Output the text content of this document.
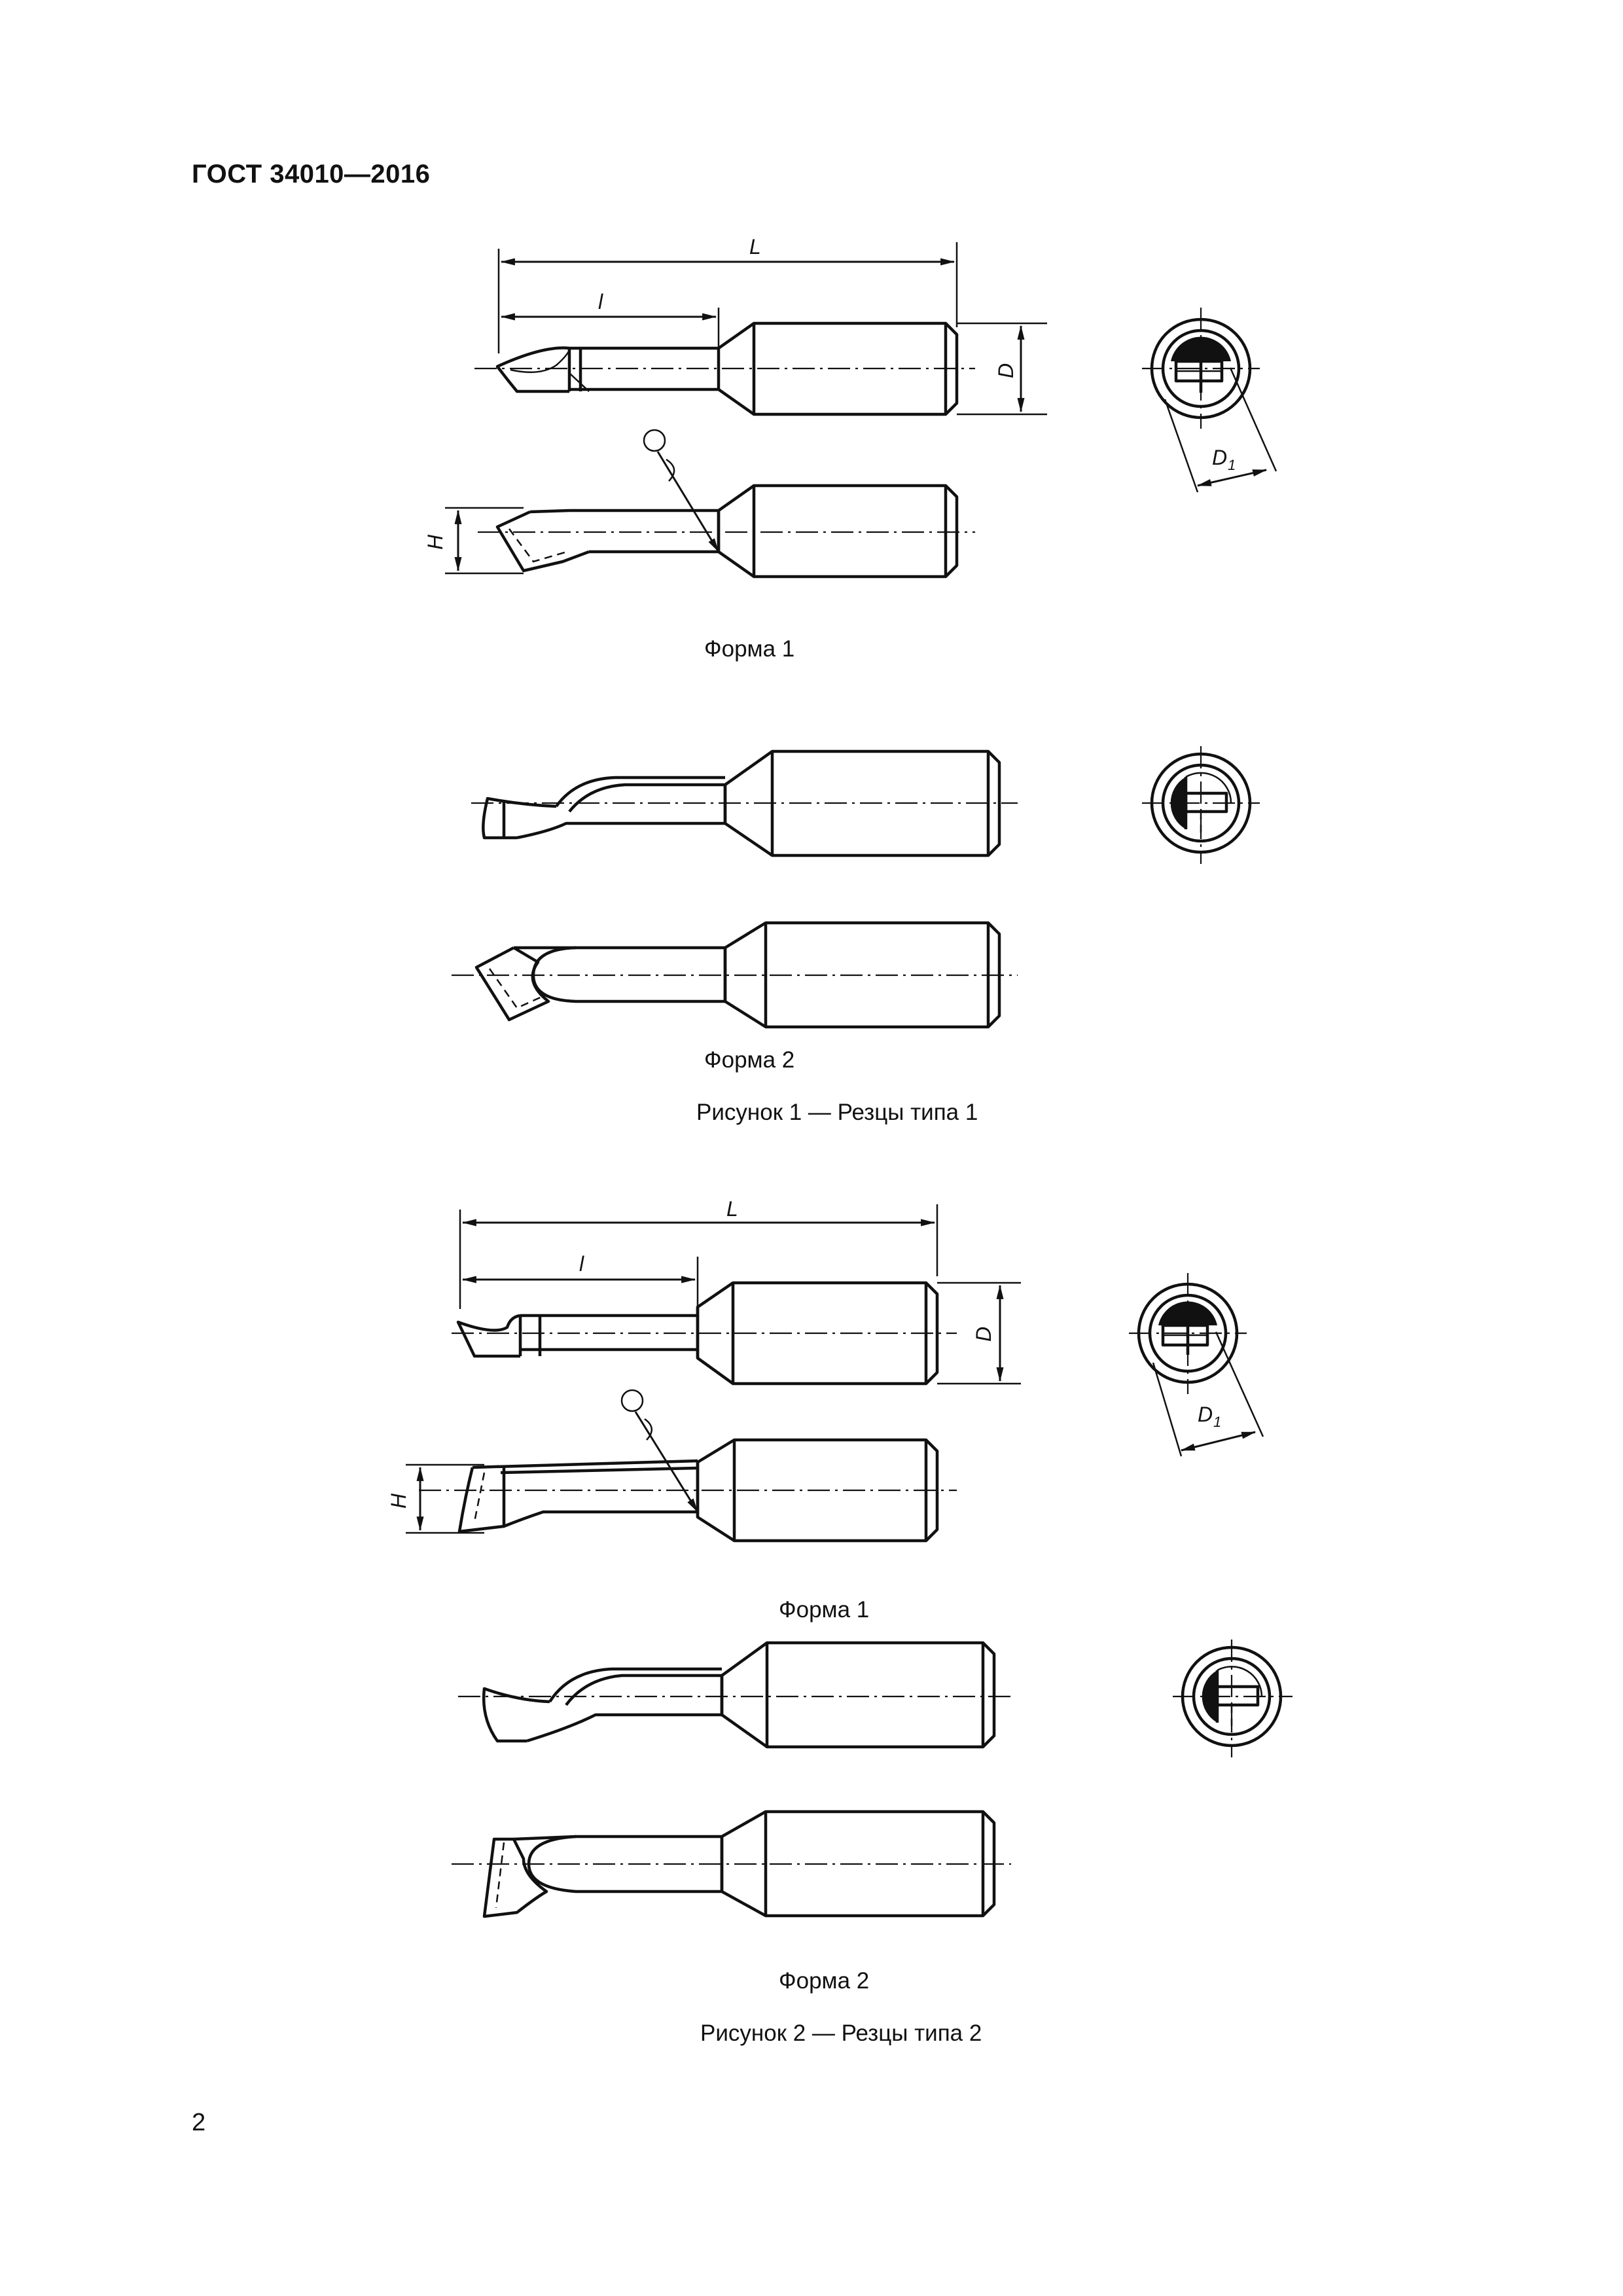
ГОСТ 34010—2016
L
l
D
H
D 1
L
l
D
H
D 1
Форма 1
Форма 2
Рисунок 1 — Резцы типа 1
Форма 1
Форма 2
Рисунок 2 — Резцы типа 2
2
